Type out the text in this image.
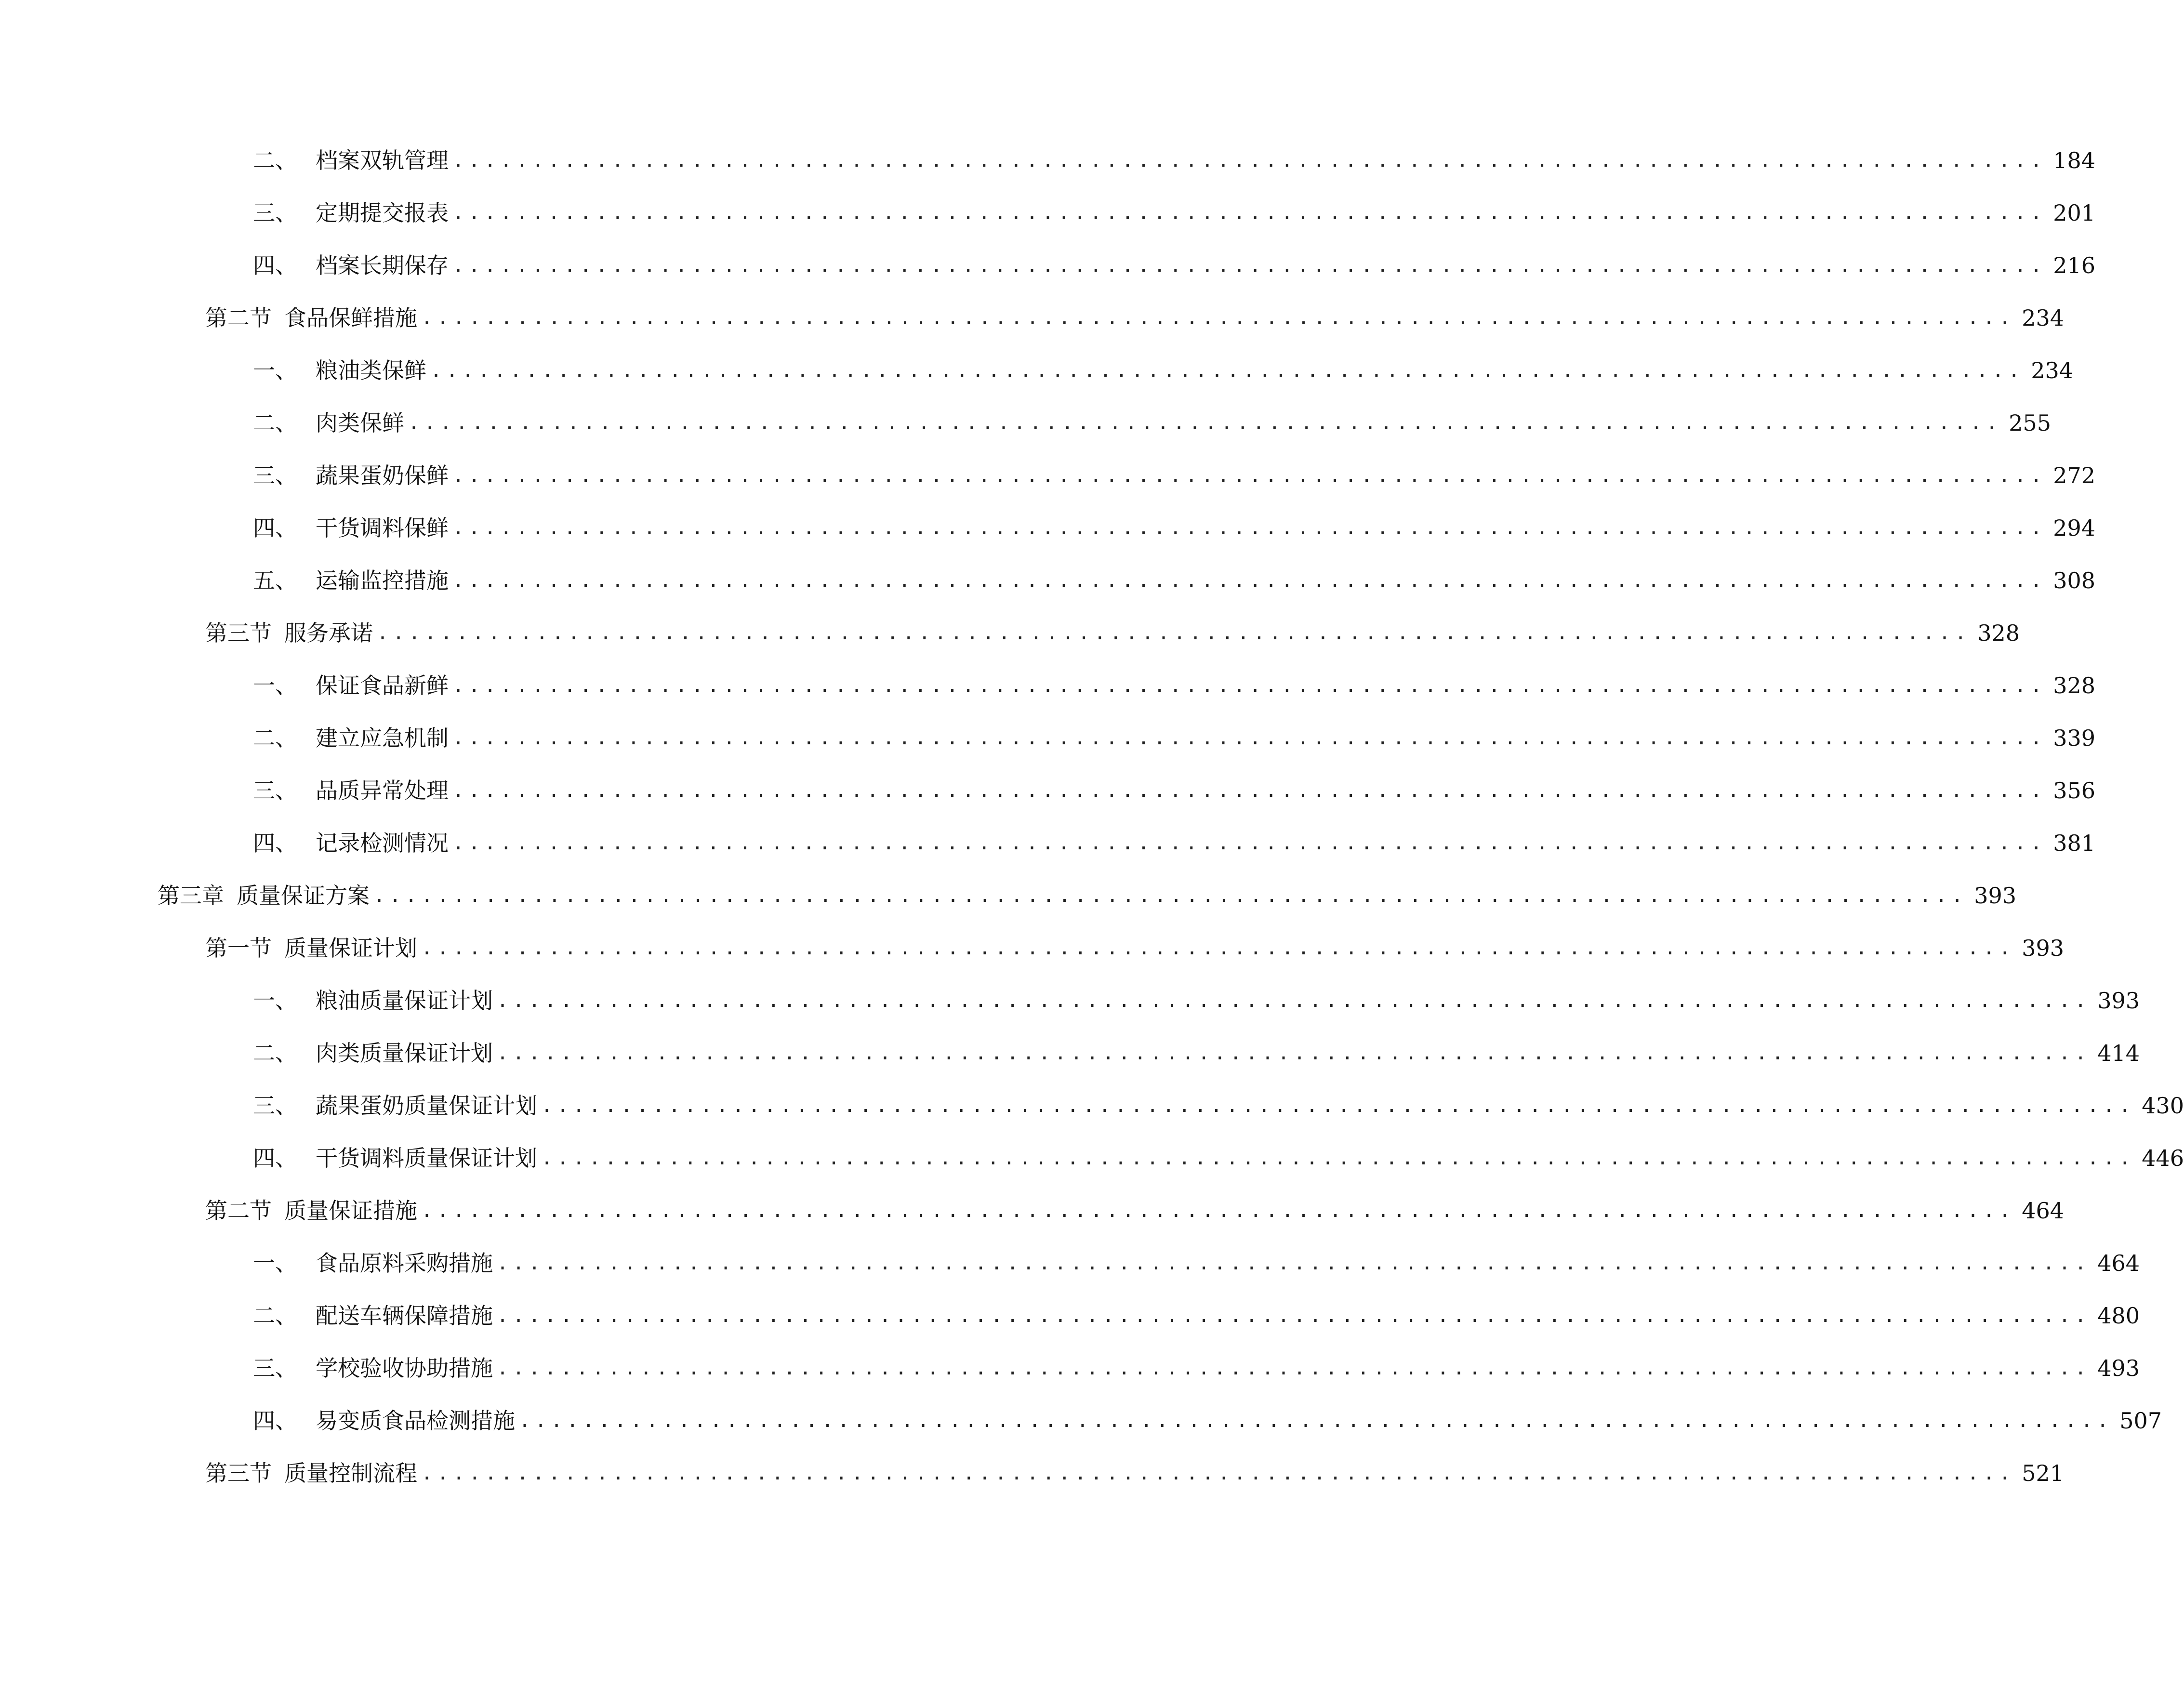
二、 档案双轨管理 .................................................................................................... 184
三、 定期提交报表 .................................................................................................... 201
四、 档案长期保存 .................................................................................................... 216
第二节 食品保鲜措施 .................................................................................................... 234
一、 粮油类保鲜 .................................................................................................... 234
二、 肉类保鲜 .................................................................................................... 255
三、 蔬果蛋奶保鲜 .................................................................................................... 272
四、 干货调料保鲜 .................................................................................................... 294
五、 运输监控措施 .................................................................................................... 308
第三节 服务承诺 .................................................................................................... 328
一、 保证食品新鲜 .................................................................................................... 328
二、 建立应急机制 .................................................................................................... 339
三、 品质异常处理 .................................................................................................... 356
四、 记录检测情况 .................................................................................................... 381
第三章 质量保证方案 .................................................................................................... 393
第一节 质量保证计划 .................................................................................................... 393
一、 粮油质量保证计划 .................................................................................................... 393
二、 肉类质量保证计划 .................................................................................................... 414
三、 蔬果蛋奶质量保证计划 .................................................................................................... 430
四、 干货调料质量保证计划 .................................................................................................... 446
第二节 质量保证措施 .................................................................................................... 464
一、 食品原料采购措施 .................................................................................................... 464
二、 配送车辆保障措施 .................................................................................................... 480
三、 学校验收协助措施 .................................................................................................... 493
四、 易变质食品检测措施 .................................................................................................... 507
第三节 质量控制流程 .................................................................................................... 521
